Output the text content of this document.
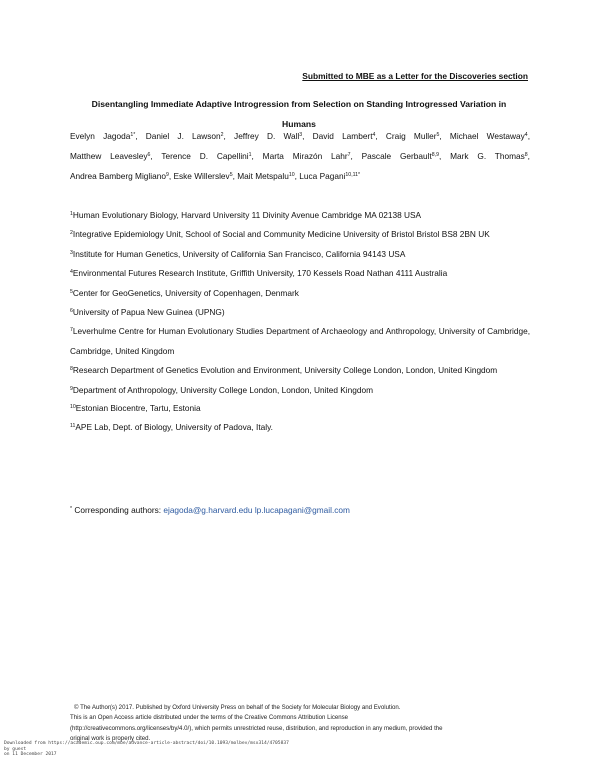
Submitted to MBE as a Letter for the Discoveries section
Disentangling Immediate Adaptive Introgression from Selection on Standing Introgressed Variation in
Humans
Evelyn Jagoda$^{1*}$, Daniel J. Lawson$^2$, Jeffrey D. Wall$^3$, David Lambert$^4$, Craig Muller$^5$, Michael Westaway$^4$,
Matthew Leavesley$^6$, Terence D. Capellini$^1$, Marta Mirazón Lahr$^7$, Pascale Gerbault$^{8,9}$, Mark G. Thomas$^8$,
Andrea Bamberg Migliano$^9$, Eske Willerslev$^5$, Mait Metspalu$^{10}$, Luca Pagani$^{10,11*}$
$^1$Human Evolutionary Biology, Harvard University 11 Divinity Avenue Cambridge MA 02138 USA
$^2$Integrative Epidemiology Unit, School of Social and Community Medicine University of Bristol Bristol BS8 2BN UK
$^3$Institute for Human Genetics, University of California San Francisco, California 94143 USA
$^4$Environmental Futures Research Institute, Griffith University, 170 Kessels Road Nathan 4111 Australia
$^5$Center for GeoGenetics, University of Copenhagen, Denmark
$^6$University of Papua New Guinea (UPNG)
$^7$Leverhulme Centre for Human Evolutionary Studies Department of Archaeology and Anthropology, University of Cambridge, Cambridge, United Kingdom
$^8$Research Department of Genetics Evolution and Environment, University College London, London, United Kingdom
$^9$Department of Anthropology, University College London, London, United Kingdom
$^{10}$Estonian Biocentre, Tartu, Estonia
$^{11}$APE Lab, Dept. of Biology, University of Padova, Italy.
* Corresponding authors: ejagoda@g.harvard.edu lp.lucapagani@gmail.com
© The Author(s) 2017. Published by Oxford University Press on behalf of the Society for Molecular Biology and Evolution.
This is an Open Access article distributed under the terms of the Creative Commons Attribution License
(http://creativecommons.org/licenses/by/4.0/), which permits unrestricted reuse, distribution, and reproduction in any medium, provided the
original work is properly cited.
Downloaded from https://academic.oup.com/mbe/advance-article-abstract/doi/10.1093/molbev/msx314/4705837
by guest
on 11 December 2017
